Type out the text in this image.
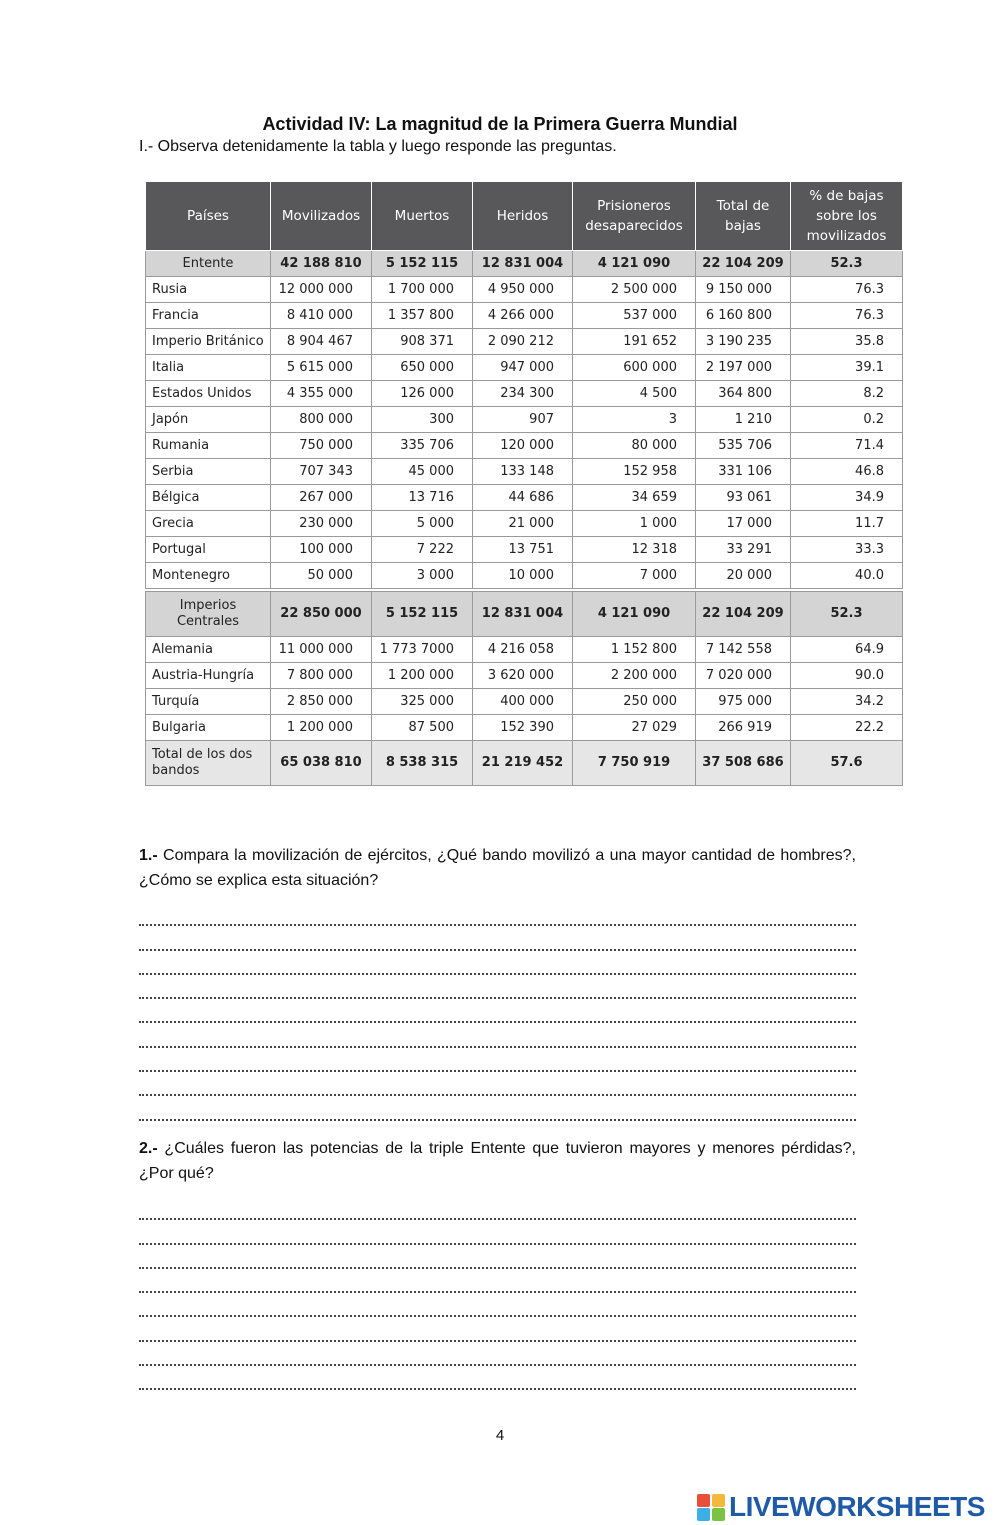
Actividad IV: La magnitud de la Primera Guerra Mundial
I.- Observa detenidamente la tabla y luego responde las preguntas.
Países	Movilizados	Muertos	Heridos	Prisioneros desaparecidos	Total de bajas	% de bajas sobre los movilizados
Entente	42 188 810	5 152 115	12 831 004	4 121 090	22 104 209	52.3
Rusia	12 000 000	1 700 000	4 950 000	2 500 000	9 150 000	76.3
Francia	8 410 000	1 357 800	4 266 000	537 000	6 160 800	76.3
Imperio Británico	8 904 467	908 371	2 090 212	191 652	3 190 235	35.8
Italia	5 615 000	650 000	947 000	600 000	2 197 000	39.1
Estados Unidos	4 355 000	126 000	234 300	4 500	364 800	8.2
Japón	800 000	300	907	3	1 210	0.2
Rumania	750 000	335 706	120 000	80 000	535 706	71.4
Serbia	707 343	45 000	133 148	152 958	331 106	46.8
Bélgica	267 000	13 716	44 686	34 659	93 061	34.9
Grecia	230 000	5 000	21 000	1 000	17 000	11.7
Portugal	100 000	7 222	13 751	12 318	33 291	33.3
Montenegro	50 000	3 000	10 000	7 000	20 000	40.0

Imperios Centrales	22 850 000	5 152 115	12 831 004	4 121 090	22 104 209	52.3
Alemania	11 000 000	1 773 7000	4 216 058	1 152 800	7 142 558	64.9
Austria-Hungría	7 800 000	1 200 000	3 620 000	2 200 000	7 020 000	90.0
Turquía	2 850 000	325 000	400 000	250 000	975 000	34.2
Bulgaria	1 200 000	87 500	152 390	27 029	266 919	22.2
Total de los dos bandos	65 038 810	8 538 315	21 219 452	7 750 919	37 508 686	57.6
1.- Compara la movilización de ejércitos, ¿Qué bando movilizó a una mayor cantidad de hombres?, ¿Cómo se explica esta situación?
2.- ¿Cuáles fueron las potencias de la triple Entente que tuvieron mayores y menores pérdidas?, ¿Por qué?
4
LIVEWORKSHEETS
